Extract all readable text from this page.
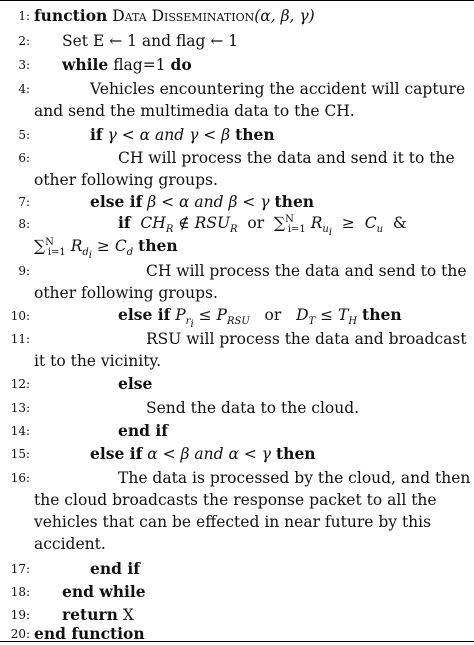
1: function Data Dissemination(α, β, γ)
2: Set E ← 1 and flag ← 1
3: while flag=1 do
4:	Vehicles encountering the accident will capture
and send the multimedia data to the CH.
5:	if γ < α and γ < β then
6:	CH will process the data and send it to the
other following groups.
7:	else if β < α and β < γ then
8:	if $CH_R$ ∉ $RSU_R$  or  ∑$^N_{i=1}$ $R_{u_i} \ge C_u$  &
∑$^N_{i=1}$ $R_{d_i} \ge C_d$ then
9:	CH will process the data and send to the
other following groups.
10:	else if $P_{r_i} \le P_{RSU}$   or   $D_T \le T_H$ then
11:	RSU will process the data and broadcast
it to the vicinity.
12:	else
13:	Send the data to the cloud.
14:	end if
15:	else if α < β and α < γ then
16:	The data is processed by the cloud, and then
the cloud broadcasts the response packet to all the
vehicles that can be effected in near future by this
accident.
17:	end if
18: end while
19: return X
20: end function
